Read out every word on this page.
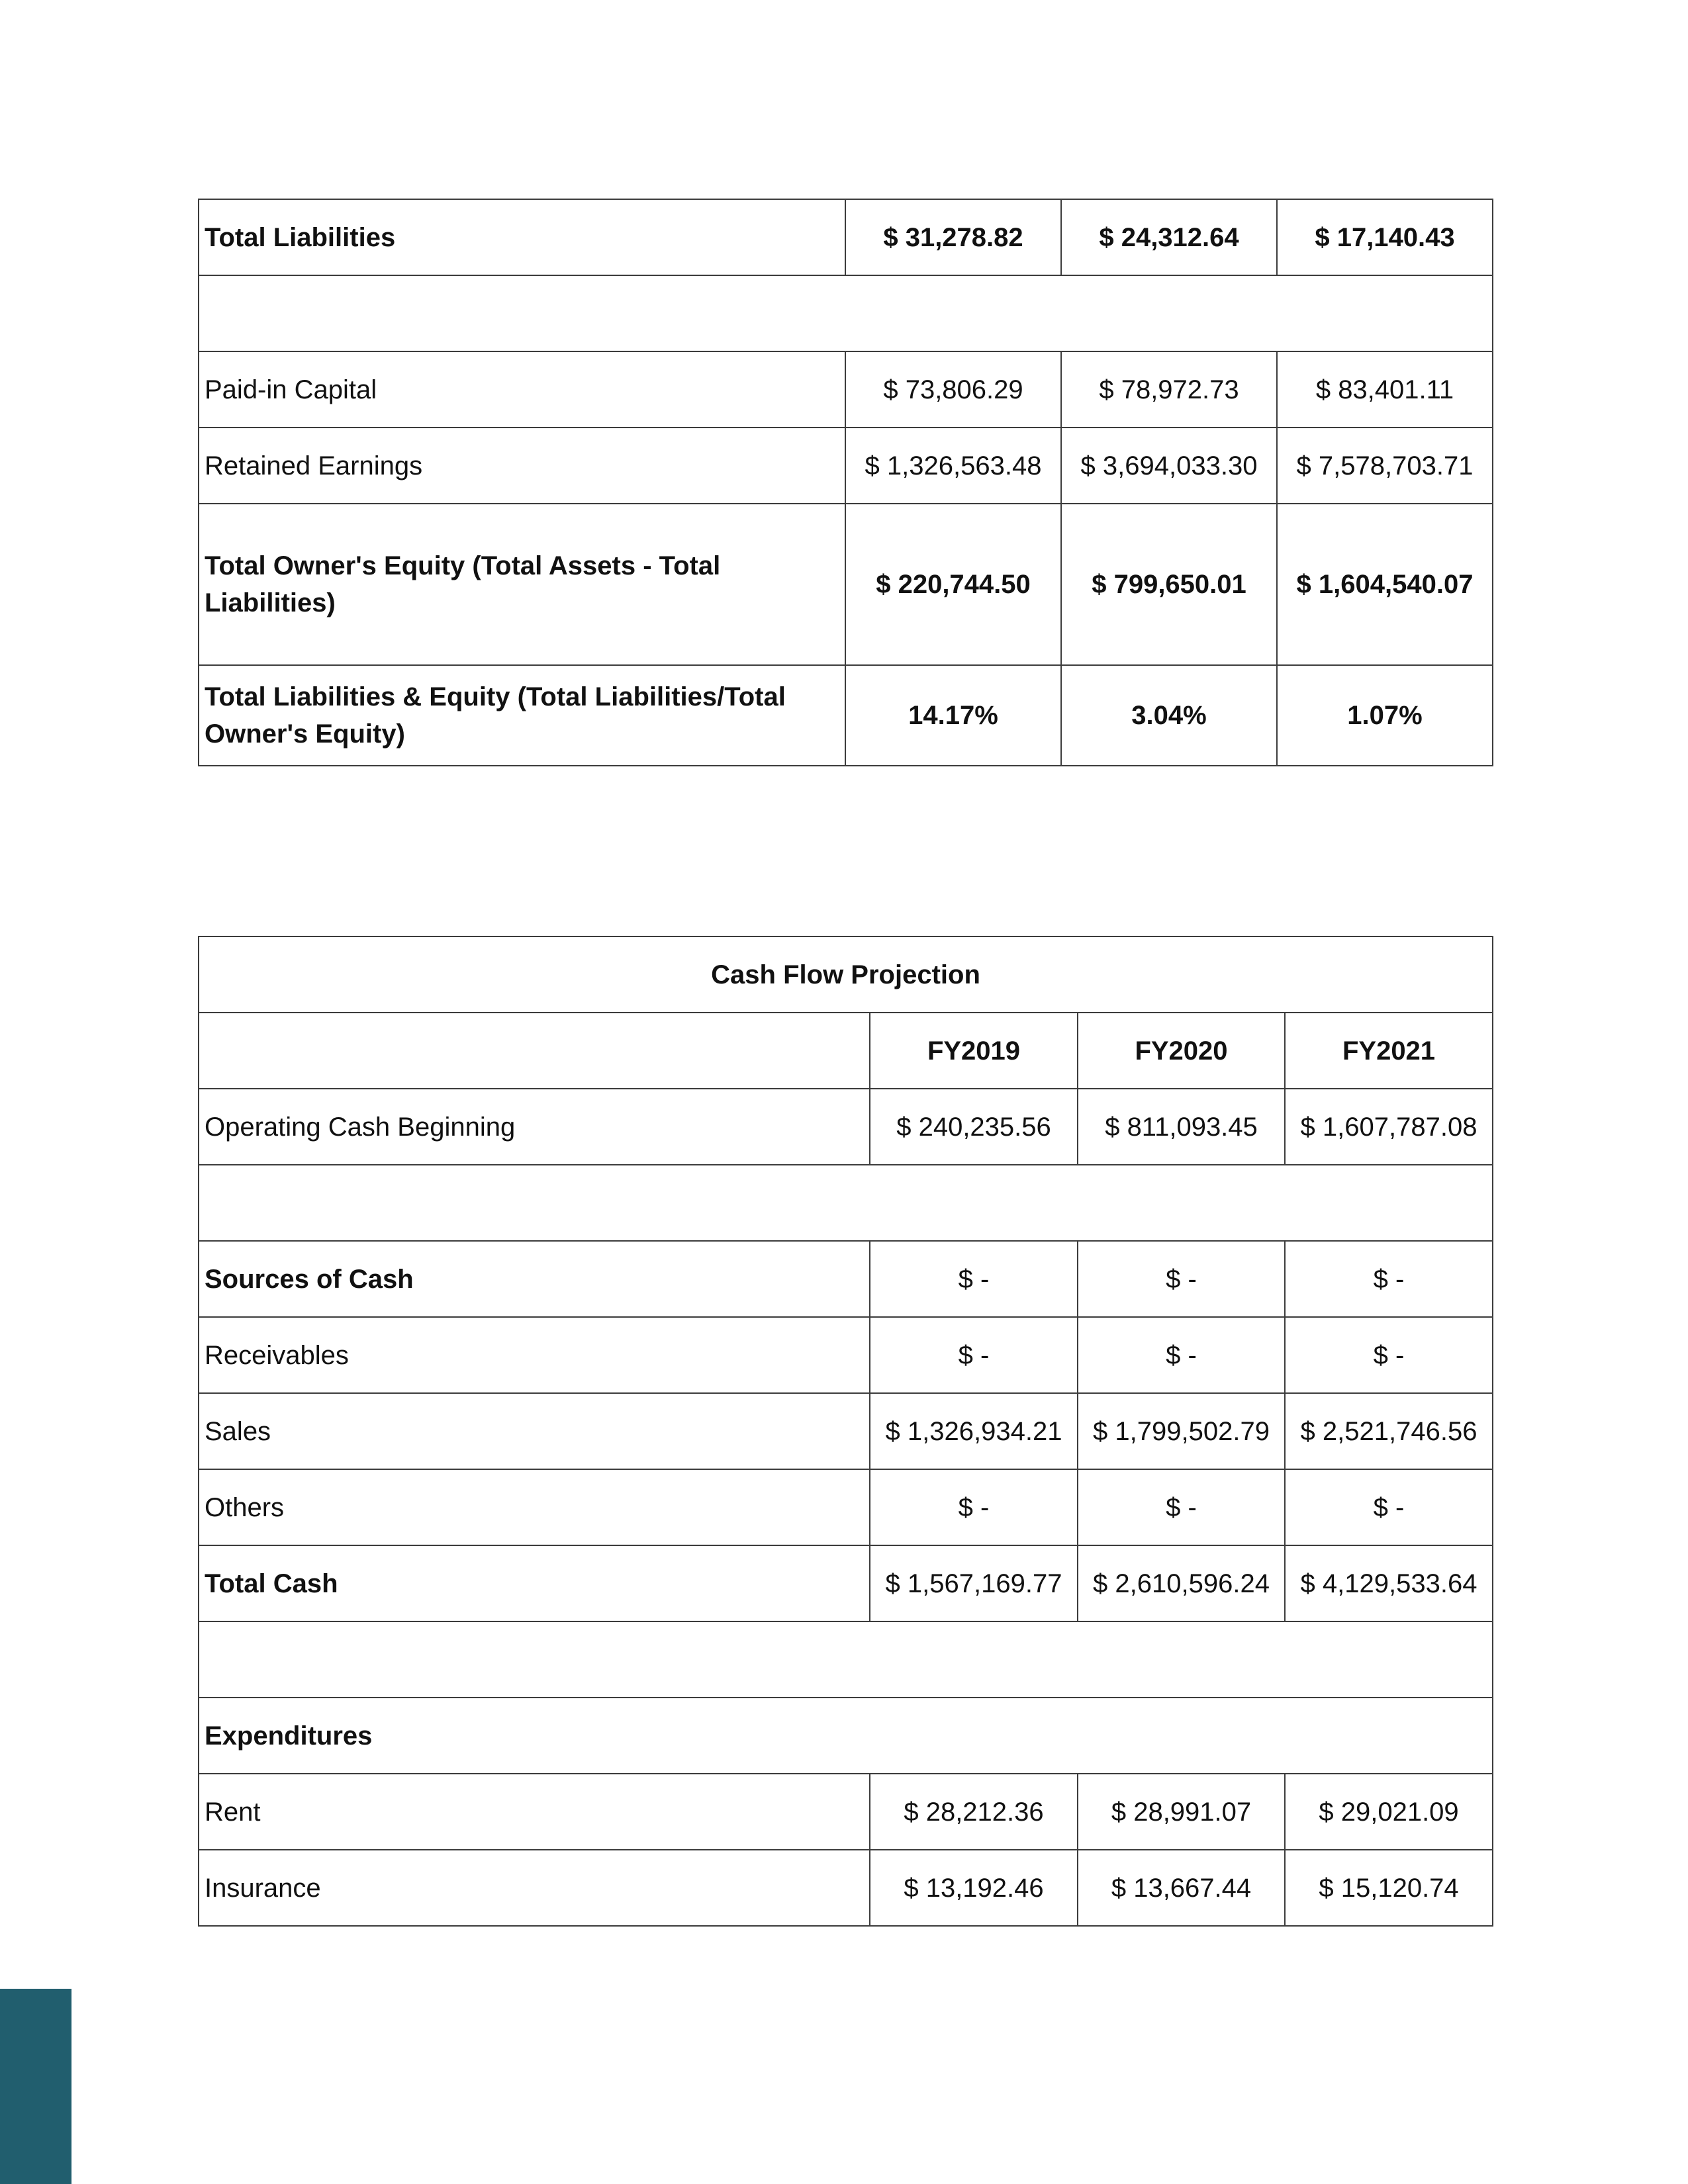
Total Liabilities	$ 31,278.82	$ 24,312.64	$ 17,140.43

Paid-in Capital	$ 73,806.29	$ 78,972.73	$ 83,401.11
Retained Earnings	$ 1,326,563.48	$ 3,694,033.30	$ 7,578,703.71
Total Owner's Equity (Total Assets - Total Liabilities)	$ 220,744.50	$ 799,650.01	$ 1,604,540.07
Total Liabilities & Equity (Total Liabilities/Total Owner's Equity)	14.17%	3.04%	1.07%
Cash Flow Projection			
	FY2019	FY2020	FY2021
Operating Cash Beginning	$ 240,235.56	$ 811,093.45	$ 1,607,787.08

Sources of Cash	$ -	$ -	$ -
Receivables	$ -	$ -	$ -
Sales	$ 1,326,934.21	$ 1,799,502.79	$ 2,521,746.56
Others	$ -	$ -	$ -
Total Cash	$ 1,567,169.77	$ 2,610,596.24	$ 4,129,533.64

Expenditures			
Rent	$ 28,212.36	$ 28,991.07	$ 29,021.09
Insurance	$ 13,192.46	$ 13,667.44	$ 15,120.74
